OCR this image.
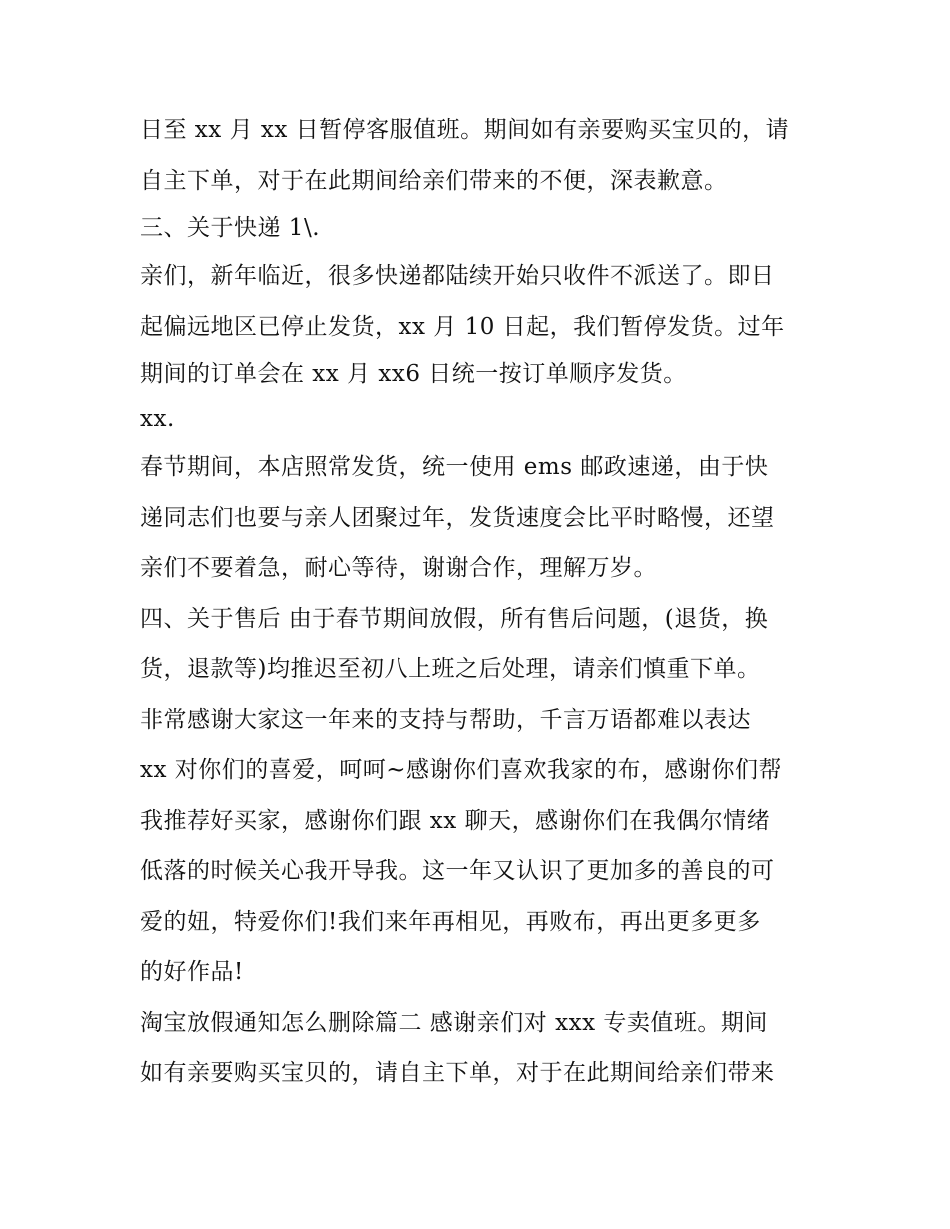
日至 xx 月 xx 日暂停客服值班。期间如有亲要购买宝贝的，请
自主下单，对于在此期间给亲们带来的不便，深表歉意。
三、关于快递 1\.
亲们，新年临近，很多快递都陆续开始只收件不派送了。即日
起偏远地区已停止发货，xx 月 10 日起，我们暂停发货。过年
期间的订单会在 xx 月 xx6 日统一按订单顺序发货。
xx.
春节期间，本店照常发货，统一使用 ems 邮政速递，由于快
递同志们也要与亲人团聚过年，发货速度会比平时略慢，还望
亲们不要着急，耐心等待，谢谢合作，理解万岁。
四、关于售后 由于春节期间放假，所有售后问题，(退货，换
货，退款等)均推迟至初八上班之后处理，请亲们慎重下单。
非常感谢大家这一年来的支持与帮助，千言万语都难以表达
xx 对你们的喜爱，呵呵~感谢你们喜欢我家的布，感谢你们帮
我推荐好买家，感谢你们跟 xx 聊天，感谢你们在我偶尔情绪
低落的时候关心我开导我。这一年又认识了更加多的善良的可
爱的妞，特爱你们!我们来年再相见，再败布，再出更多更多
的好作品!
淘宝放假通知怎么删除篇二 感谢亲们对 xxx 专卖值班。期间
如有亲要购买宝贝的，请自主下单，对于在此期间给亲们带来
